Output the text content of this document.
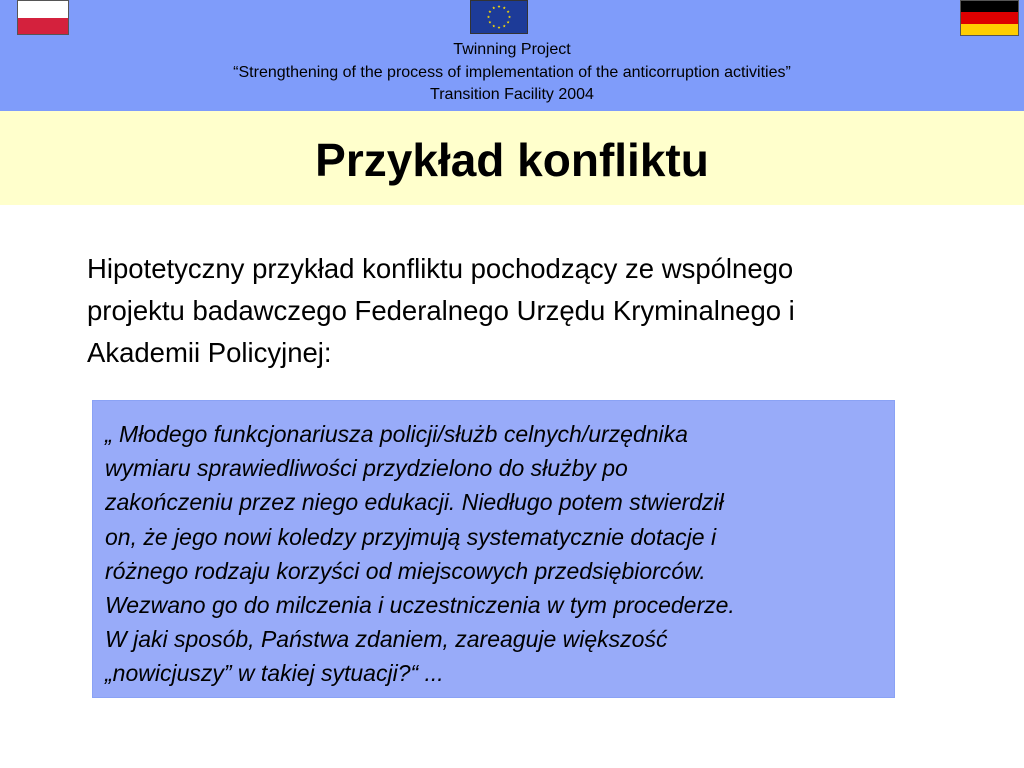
Twinning Project
“Strengthening of the process of implementation of the anticorruption activities”
Transition Facility 2004
Przykład konfliktu
Hipotetyczny przykład konfliktu pochodzący ze wspólnego
projektu badawczego Federalnego Urzędu Kryminalnego i
Akademii Policyjnej:
„ Młodego funkcjonariusza policji/służb celnych/urzędnika
wymiaru sprawiedliwości przydzielono do służby po
zakończeniu przez niego edukacji. Niedługo potem stwierdził
on, że jego nowi koledzy przyjmują systematycznie dotacje i
różnego rodzaju korzyści od miejscowych przedsiębiorców.
Wezwano go do milczenia i uczestniczenia w tym procederze.
W jaki sposób, Państwa zdaniem, zareaguje większość
„nowicjuszy” w takiej sytuacji?“ ...
